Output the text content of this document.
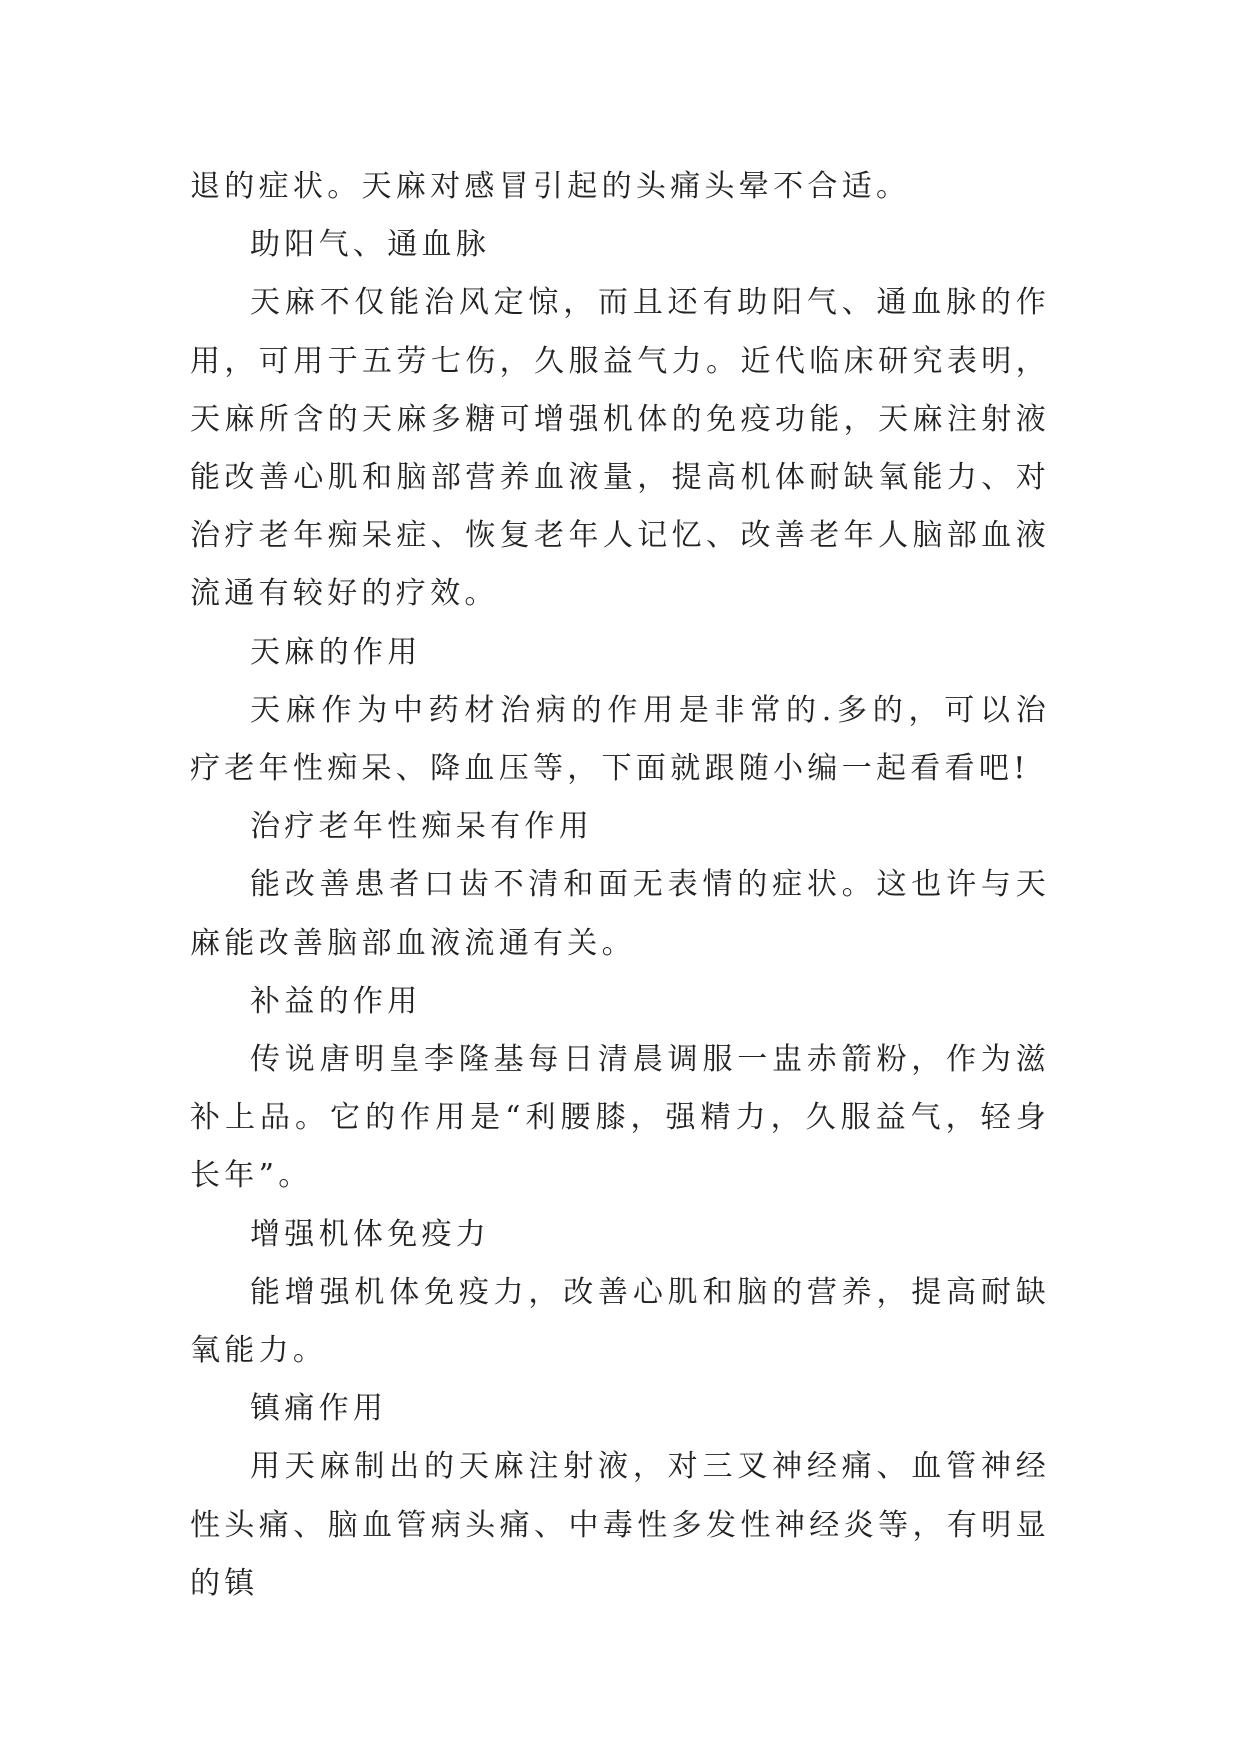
退的症状。天麻对感冒引起的头痛头晕不合适。

助阳气、通血脉

天麻不仅能治风定惊，而且还有助阳气、通血脉的作用，可用于五劳七伤，久服益气力。近代临床研究表明，天麻所含的天麻多糖可增强机体的免疫功能，天麻注射液能改善心肌和脑部营养血液量，提高机体耐缺氧能力、对治疗老年痴呆症、恢复老年人记忆、改善老年人脑部血液流通有较好的疗效。

天麻的作用

天麻作为中药材治病的作用是非常的.多的，可以治疗老年性痴呆、降血压等，下面就跟随小编一起看看吧!

治疗老年性痴呆有作用

能改善患者口齿不清和面无表情的症状。这也许与天麻能改善脑部血液流通有关。

补益的作用

传说唐明皇李隆基每日清晨调服一盅赤箭粉，作为滋补上品。它的作用是“利腰膝，强精力，久服益气，轻身长年”。

增强机体免疫力

能增强机体免疫力，改善心肌和脑的营养，提高耐缺氧能力。

镇痛作用

用天麻制出的天麻注射液，对三叉神经痛、血管神经性头痛、脑血管病头痛、中毒性多发性神经炎等，有明显的镇
